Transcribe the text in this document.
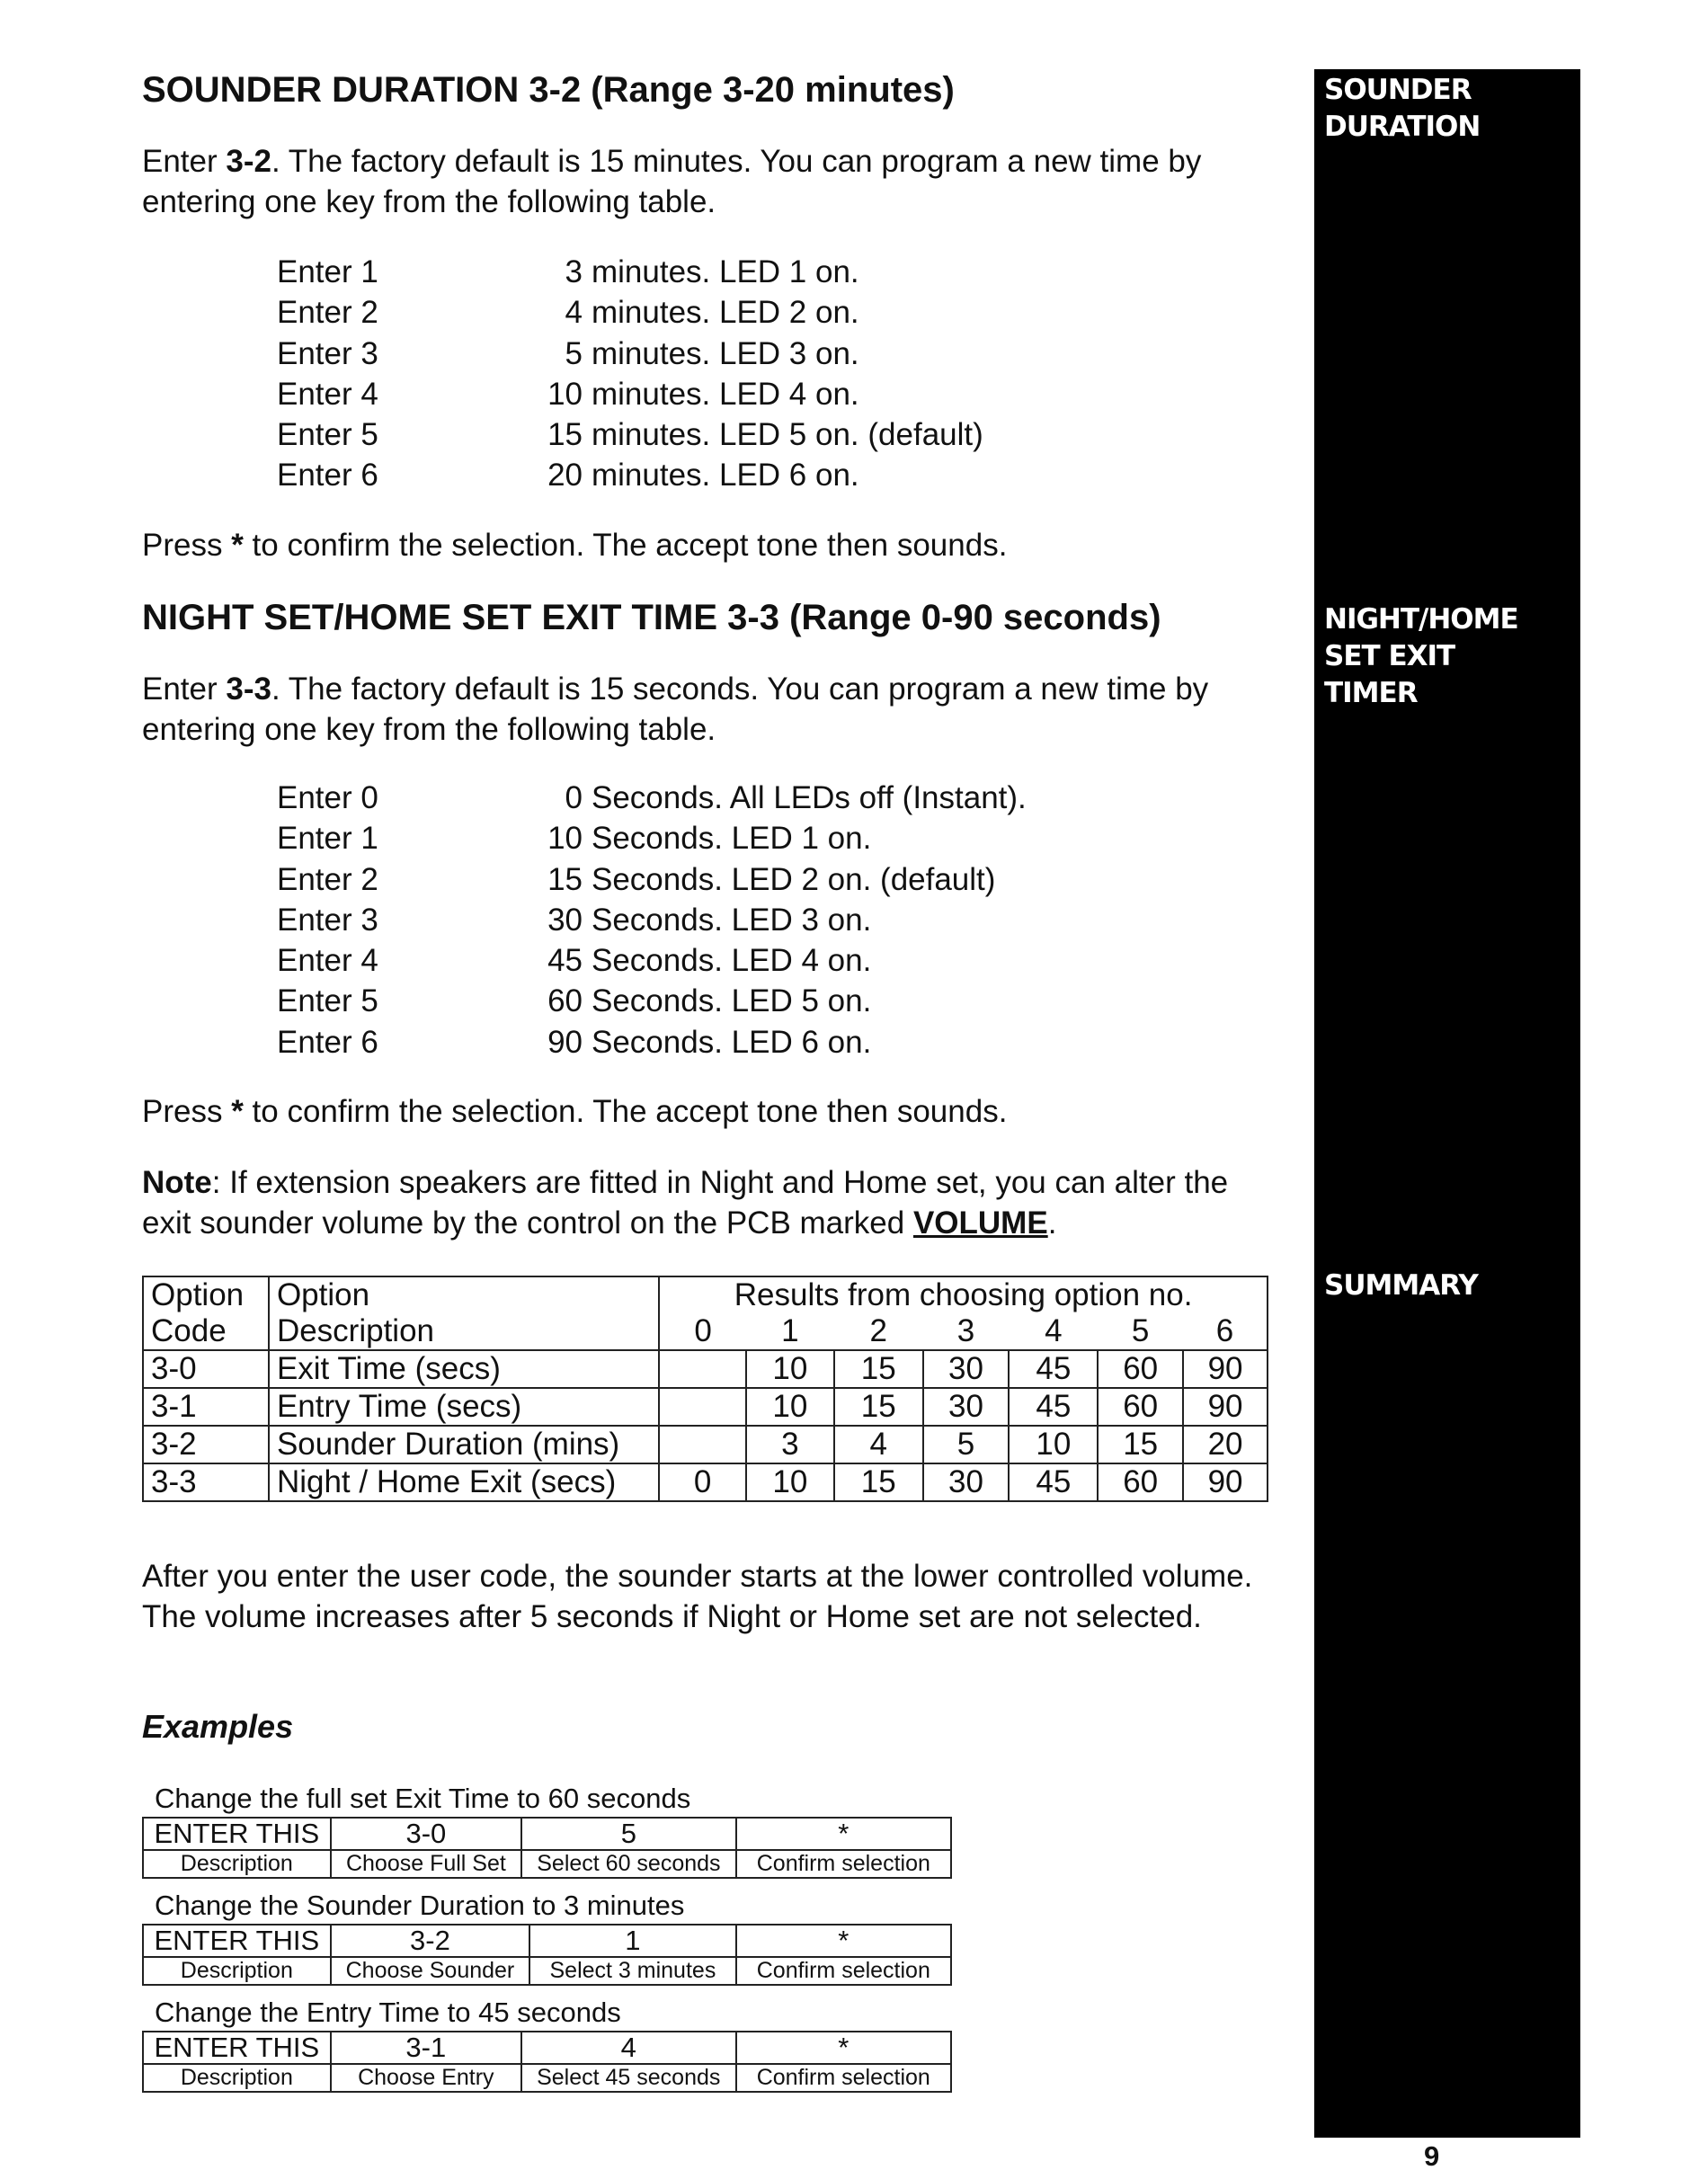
SOUNDER DURATION 3-2 (Range 3-20 minutes)
Enter 3-2. The factory default is 15 minutes. You can program a new time by entering one key from the following table.
Enter 1	3 minutes. LED 1 on.
Enter 2	4 minutes. LED 2 on.
Enter 3	5 minutes. LED 3 on.
Enter 4	10 minutes. LED 4 on.
Enter 5	15 minutes. LED 5 on. (default)
Enter 6	20 minutes. LED 6 on.
Press * to confirm the selection. The accept tone then sounds.
NIGHT SET/HOME SET EXIT TIME 3-3 (Range 0-90 seconds)
Enter 3-3. The factory default is 15 seconds. You can program a new time by entering one key from the following table.
Enter 0	0 Seconds. All LEDs off (Instant).
Enter 1	10 Seconds. LED 1 on.
Enter 2	15 Seconds. LED 2 on. (default)
Enter 3	30 Seconds. LED 3 on.
Enter 4	45 Seconds. LED 4 on.
Enter 5	60 Seconds. LED 5 on.
Enter 6	90 Seconds. LED 6 on.
Press * to confirm the selection. The accept tone then sounds.
Note: If extension speakers are fitted in Night and Home set, you can alter the exit sounder volume by the control on the PCB marked VOLUME.
Option	Option	Results from choosing option no.						
Code	Description	0	1	2	3	4	5	6
3-0	Exit Time (secs)		10	15	30	45	60	90
3-1	Entry Time (secs)		10	15	30	45	60	90
3-2	Sounder Duration (mins)		3	4	5	10	15	20
3-3	Night / Home Exit (secs)	0	10	15	30	45	60	90
After you enter the user code, the sounder starts at the lower controlled volume. The volume increases after 5 seconds if Night or Home set are not selected.
Examples
Change the full set Exit Time to 60 seconds
ENTER THIS	3-0	5	*
Description	Choose Full Set	Select 60 seconds	Confirm selection
Change the Sounder Duration to 3 minutes
ENTER THIS	3-2	1	*
Description	Choose Sounder	Select 3 minutes	Confirm selection
Change the Entry Time to 45 seconds
ENTER THIS	3-1	4	*
Description	Choose Entry	Select 45 seconds	Confirm selection
SOUNDER
DURATION
NIGHT/HOME
SET EXIT
TIMER
SUMMARY
9
